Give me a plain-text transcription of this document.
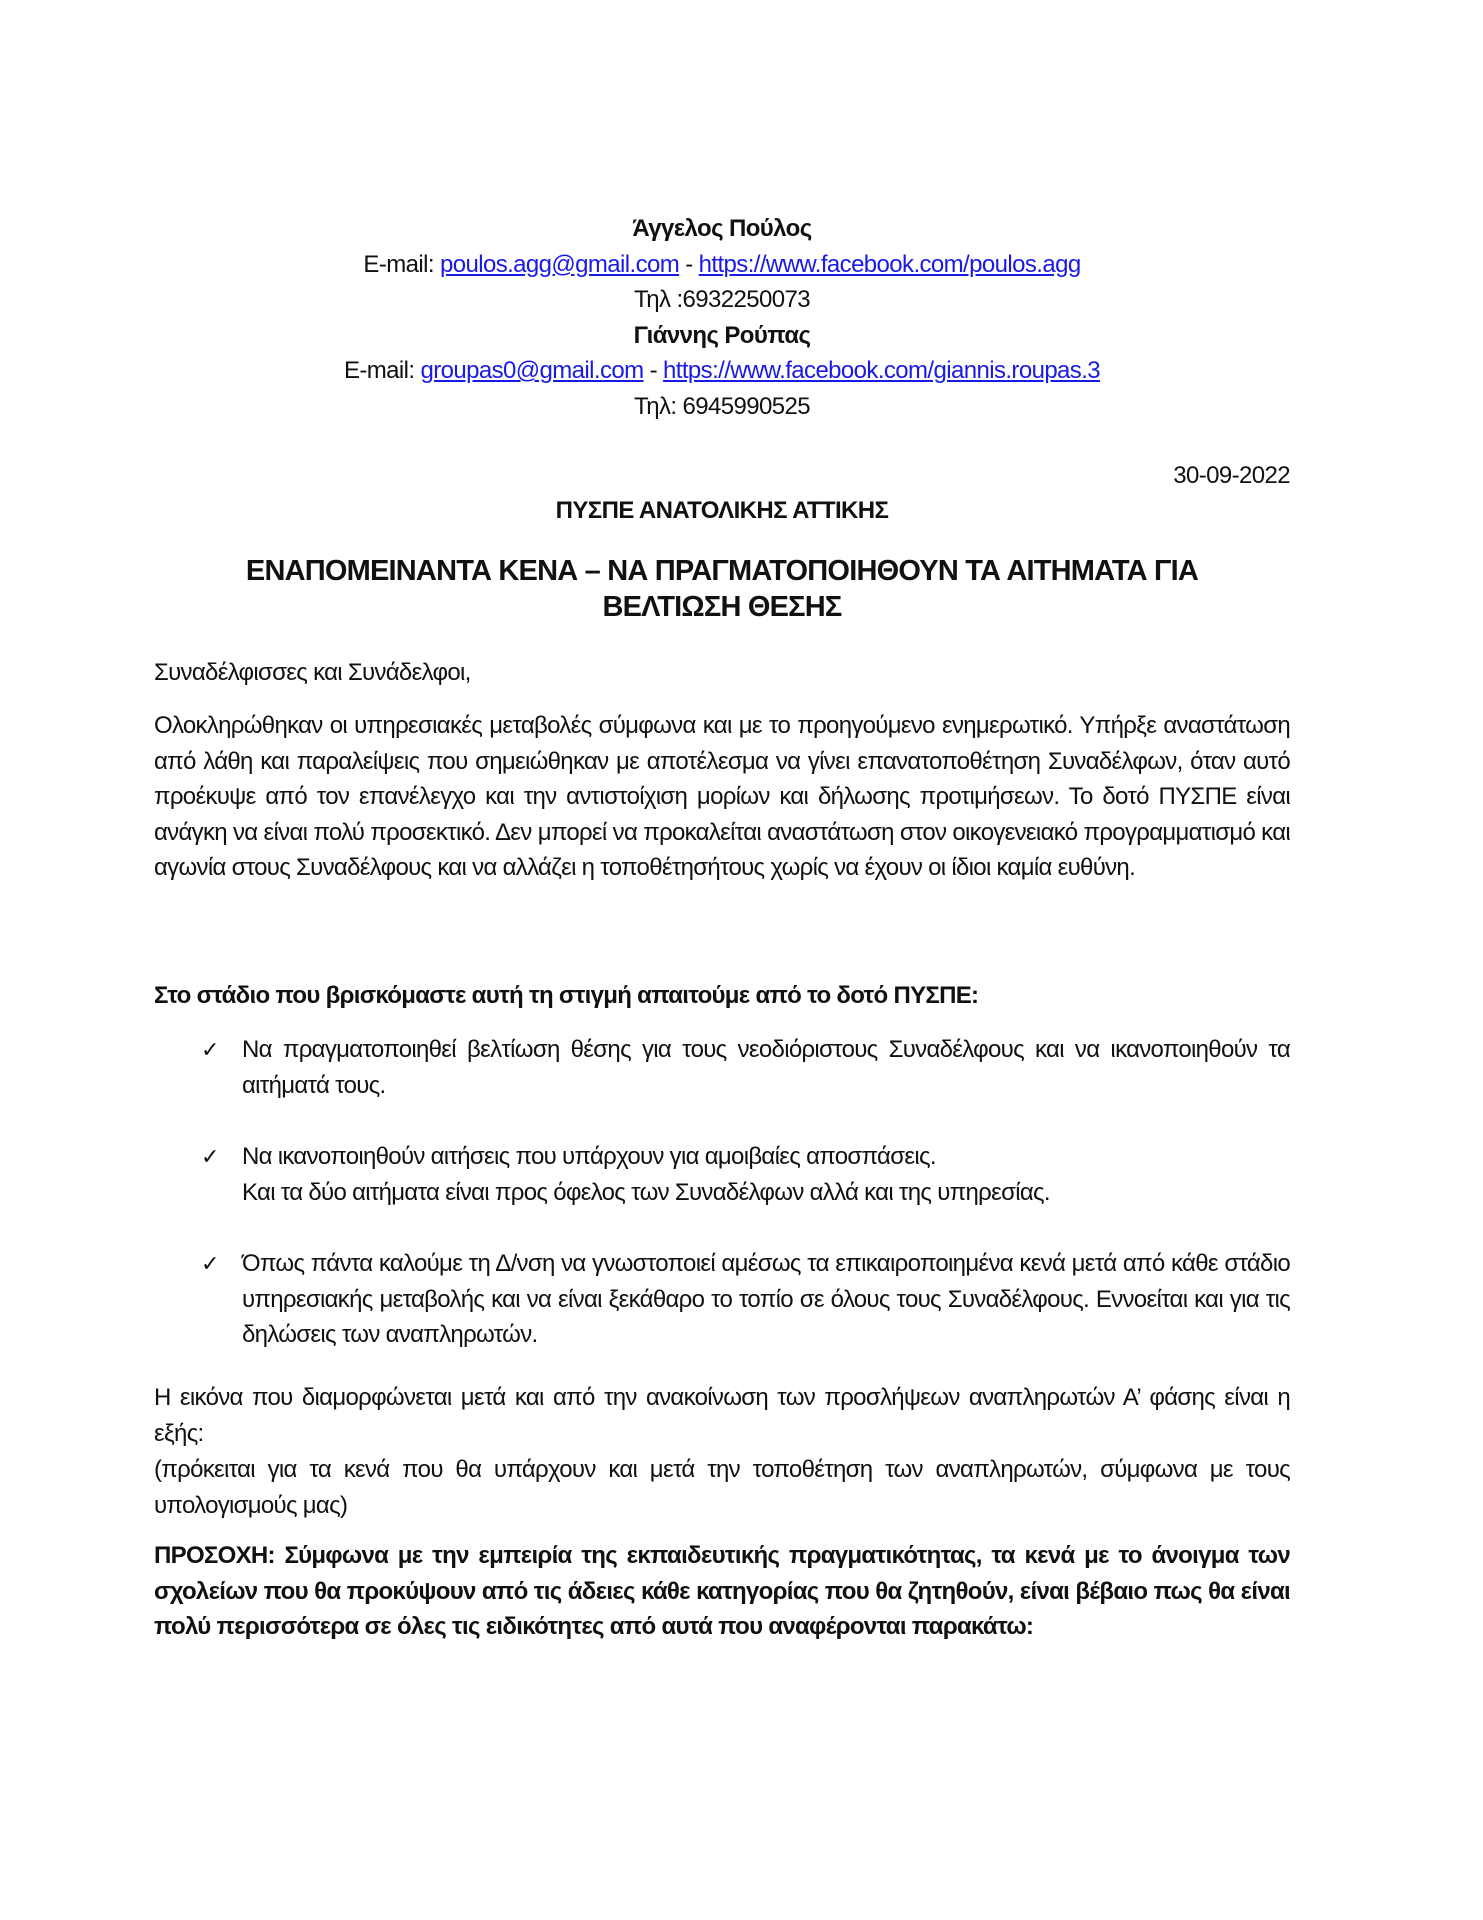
Άγγελος Πούλος
E-mail: poulos.agg@gmail.com - https://www.facebook.com/poulos.agg
Τηλ :6932250073
Γιάννης Ρούπας
E-mail: groupas0@gmail.com - https://www.facebook.com/giannis.roupas.3
Τηλ: 6945990525
30-09-2022
ΠΥΣΠΕ ΑΝΑΤΟΛΙΚΗΣ ΑΤΤΙΚΗΣ
ΕΝΑΠΟΜΕΙΝΑΝΤΑ ΚΕΝΑ – ΝΑ ΠΡΑΓΜΑΤΟΠΟΙΗΘΟΥΝ ΤΑ ΑΙΤΗΜΑΤΑ ΓΙΑ
ΒΕΛΤΙΩΣΗ ΘΕΣΗΣ
Συναδέλφισσες και Συνάδελφοι,
Ολοκληρώθηκαν οι υπηρεσιακές μεταβολές σύμφωνα και με το προηγούμενο ενημερωτικό. Υπήρξε αναστάτωση από λάθη και παραλείψεις που σημειώθηκαν με αποτέλεσμα να γίνει επανατοποθέτηση Συναδέλφων, όταν αυτό προέκυψε από τον επανέλεγχο και την αντιστοίχιση μορίων και δήλωσης προτιμήσεων. Το δοτό ΠΥΣΠΕ είναι ανάγκη να είναι πολύ προσεκτικό. Δεν μπορεί να προκαλείται αναστάτωση στον οικογενειακό προγραμματισμό και αγωνία στους Συναδέλφους και να αλλάζει η τοποθέτησήτους χωρίς να έχουν οι ίδιοι καμία ευθύνη.
Στο στάδιο που βρισκόμαστε αυτή τη στιγμή απαιτούμε από το δοτό ΠΥΣΠΕ:
✓ Να πραγματοποιηθεί βελτίωση θέσης για τους νεοδιόριστους Συναδέλφους και να ικανοποιηθούν τα αιτήματά τους.
✓ Να ικανοποιηθούν αιτήσεις που υπάρχουν για αμοιβαίες αποσπάσεις.
Και τα δύο αιτήματα είναι προς όφελος των Συναδέλφων αλλά και της υπηρεσίας.
✓ Όπως πάντα καλούμε τη Δ/νση να γνωστοποιεί αμέσως τα επικαιροποιημένα κενά μετά από κάθε στάδιο υπηρεσιακής μεταβολής και να είναι ξεκάθαρο το τοπίο σε όλους τους Συναδέλφους. Εννοείται και για τις δηλώσεις των αναπληρωτών.
Η εικόνα που διαμορφώνεται μετά και από την ανακοίνωση των προσλήψεων αναπληρωτών Α’ φάσης είναι η εξής:
(πρόκειται για τα κενά που θα υπάρχουν και μετά την τοποθέτηση των αναπληρωτών, σύμφωνα με τους υπολογισμούς μας)
ΠΡΟΣΟΧΗ: Σύμφωνα με την εμπειρία της εκπαιδευτικής πραγματικότητας, τα κενά με το άνοιγμα των σχολείων που θα προκύψουν από τις άδειες κάθε κατηγορίας που θα ζητηθούν, είναι βέβαιο πως θα είναι πολύ περισσότερα σε όλες τις ειδικότητες από αυτά που αναφέρονται παρακάτω:
